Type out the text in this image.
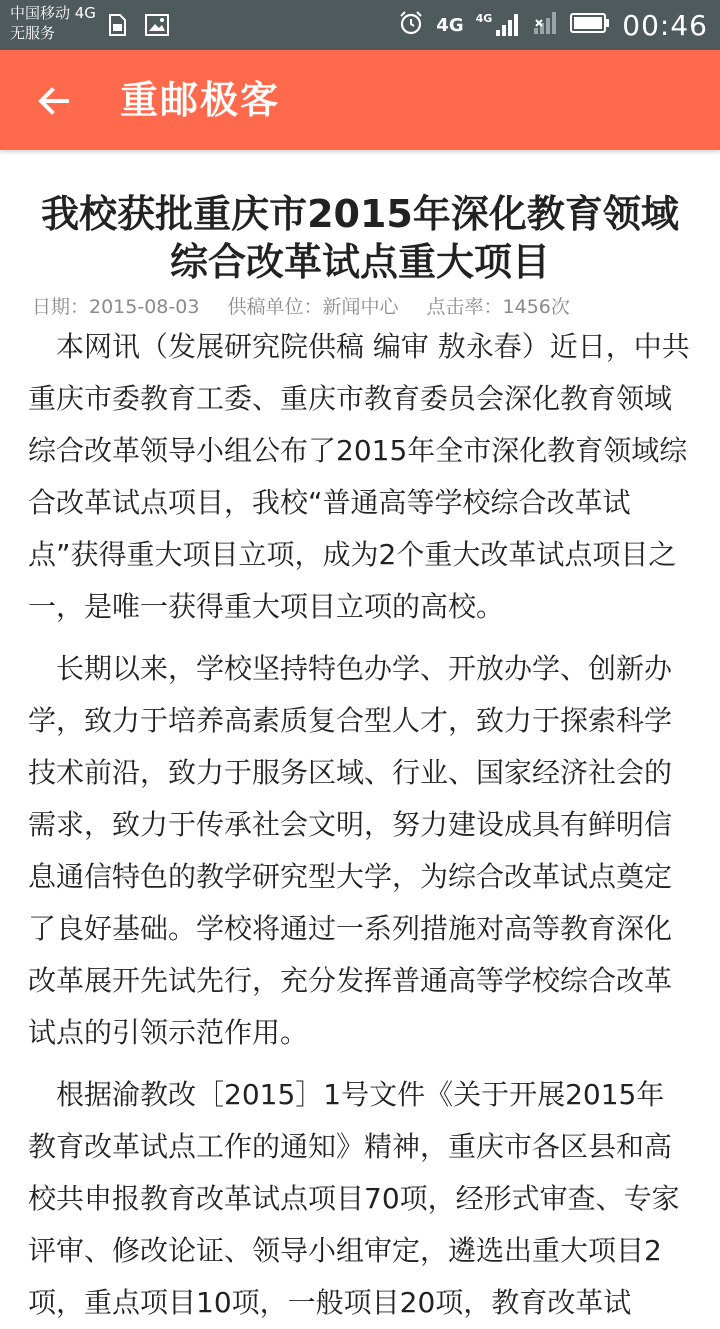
中国移动 4G
无服务	4G 4G	00:46
重邮极客
我校获批重庆市2015年深化教育领域综合改革试点重大项目
日期：2015-08-03 供稿单位：新闻中心 点击率：1456次

本网讯（发展研究院供稿 编审 敖永春）近日，中共重庆市委教育工委、重庆市教育委员会深化教育领域综合改革领导小组公布了2015年全市深化教育领域综合改革试点项目，我校“普通高等学校综合改革试点”获得重大项目立项，成为2个重大改革试点项目之一，是唯一获得重大项目立项的高校。

长期以来，学校坚持特色办学、开放办学、创新办学，致力于培养高素质复合型人才，致力于探索科学技术前沿，致力于服务区域、行业、国家经济社会的需求，致力于传承社会文明，努力建设成具有鲜明信息通信特色的教学研究型大学，为综合改革试点奠定了良好基础。学校将通过一系列措施对高等教育深化改革展开先试先行，充分发挥普通高等学校综合改革试点的引领示范作用。

根据渝教改［2015］1号文件《关于开展2015年教育改革试点工作的通知》精神，重庆市各区县和高校共申报教育改革试点项目70项，经形式审查、专家评审、修改论证、领导小组审定，遴选出重大项目2项，重点项目10项，一般项目20项，教育改革试
